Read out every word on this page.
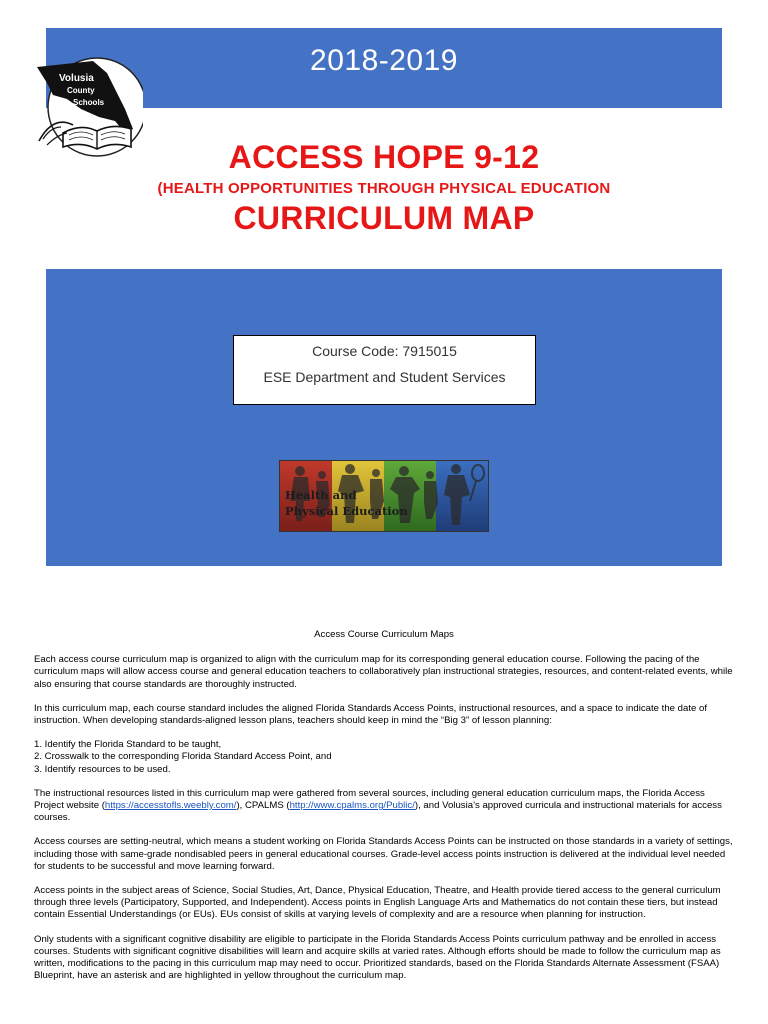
2018-2019
Volusia
County
Schools
ACCESS HOPE 9-12
(HEALTH OPPORTUNITIES THROUGH PHYSICAL EDUCATION
CURRICULUM MAP
Course Code: 7915015
ESE Department and Student Services
Health and
Physical Education
Access Course Curriculum Maps

Each access course curriculum map is organized to align with the curriculum map for its corresponding general education course. Following the pacing of the curriculum maps will allow access course and general education teachers to collaboratively plan instructional strategies, resources, and content-related events, while also ensuring that course standards are thoroughly instructed.

In this curriculum map, each course standard includes the aligned Florida Standards Access Points, instructional resources, and a space to indicate the date of instruction. When developing standards-aligned lesson plans, teachers should keep in mind the “Big 3” of lesson planning:

1. Identify the Florida Standard to be taught,
2. Crosswalk to the corresponding Florida Standard Access Point, and
3. Identify resources to be used.

The instructional resources listed in this curriculum map were gathered from several sources, including general education curriculum maps, the Florida Access Project website (https://accesstofls.weebly.com/), CPALMS (http://www.cpalms.org/Public/), and Volusia’s approved curricula and instructional materials for access courses.

Access courses are setting-neutral, which means a student working on Florida Standards Access Points can be instructed on those standards in a variety of settings, including those with same-grade nondisabled peers in general educational courses. Grade-level access points instruction is delivered at the individual level needed for students to be successful and move learning forward.

Access points in the subject areas of Science, Social Studies, Art, Dance, Physical Education, Theatre, and Health provide tiered access to the general curriculum through three levels (Participatory, Supported, and Independent). Access points in English Language Arts and Mathematics do not contain these tiers, but instead contain Essential Understandings (or EUs). EUs consist of skills at varying levels of complexity and are a resource when planning for instruction.

Only students with a significant cognitive disability are eligible to participate in the Florida Standards Access Points curriculum pathway and be enrolled in access courses. Students with significant cognitive disabilities will learn and acquire skills at varied rates. Although efforts should be made to follow the curriculum map as written, modifications to the pacing in this curriculum map may need to occur. Prioritized standards, based on the Florida Standards Alternate Assessment (FSAA) Blueprint, have an asterisk and are highlighted in yellow throughout the curriculum map.
